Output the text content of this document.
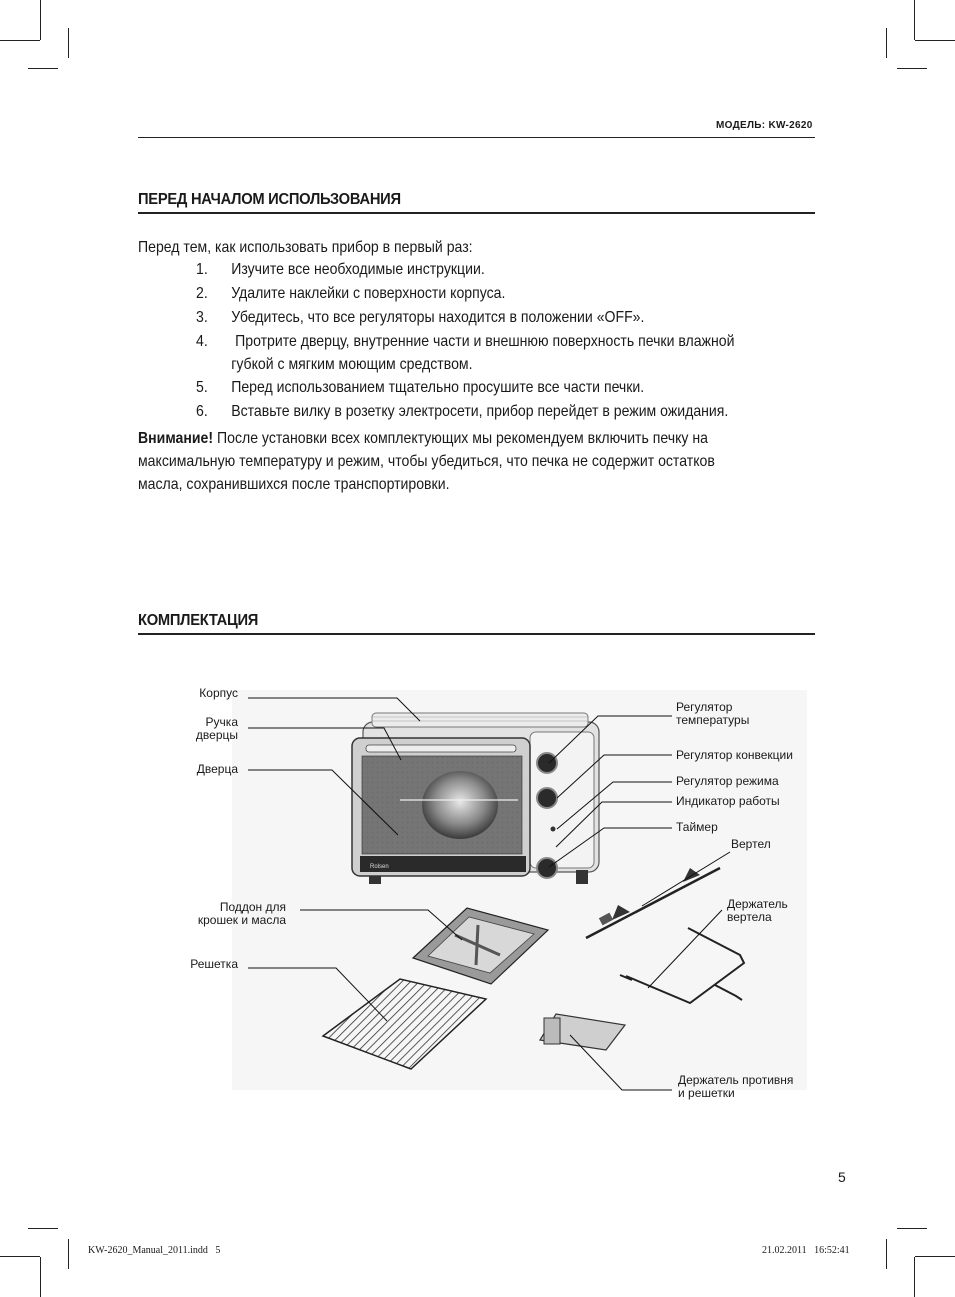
МОДЕЛЬ: KW-2620
ПЕРЕД НАЧАЛОМ ИСПОЛЬЗОВАНИЯ
Перед тем, как использовать прибор в первый раз:
1. Изучите все необходимые инструкции.
2. Удалите наклейки с поверхности корпуса.
3. Убедитесь, что все регуляторы находится в положении «OFF».
4. Протрите дверцу, внутренние части и внешнюю поверхность печки влажной
губкой с мягким моющим средством.
5. Перед использованием тщательно просушите все части печки.
6. Вставьте вилку в розетку электросети, прибор перейдет в режим ожидания.
Внимание! После установки всех комплектующих мы рекомендуем включить печку на
максимальную температуру и режим, чтобы убедиться, что печка не содержит остатков
масла, сохранившихся после транспортировки.
КОМПЛЕКТАЦИЯ
Rolsen
Корпус
Ручка
дверцы
Дверца
Поддон для
крошек и масла
Решетка
Регулятор
температуры
Регулятор конвекции
Регулятор режима
Индикатор работы
Таймер
Вертел
Держатель
вертела
Держатель противня
и решетки
5
KW-2620_Manual_2011.indd   5	21.02.2011   16:52:41
